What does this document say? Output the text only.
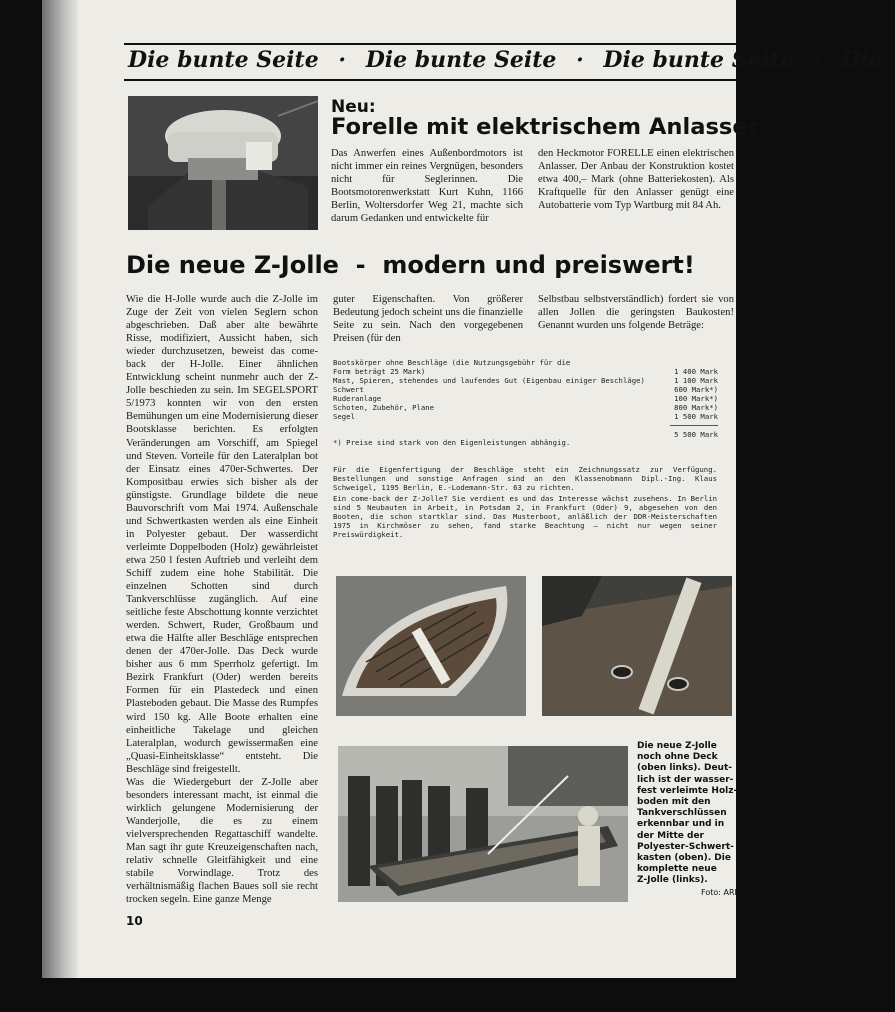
Die bunte Seite · Die bunte Seite · Die bunte Seite · Die
Neu:
Forelle mit elektrischem Anlasser

Das Anwerfen eines Außenbordmotors ist nicht immer ein reines Vergnügen, besonders nicht für Seglerinnen. Die Bootsmotorenwerkstatt Kurt Kuhn, 1166 Berlin, Woltersdorfer Weg 21, machte sich darum Gedanken und entwickelte für

den Heckmotor FORELLE einen elektrischen Anlasser. Der Anbau der Konstruktion kostet etwa 400,– Mark (ohne Batteriekosten). Als Kraftquelle für den Anlasser genügt eine Autobatterie vom Typ Wartburg mit 84 Ah.

Die neue Z-Jolle  -  modern und preiswert!

Wie die H-Jolle wurde auch die Z-Jolle im Zuge der Zeit von vielen Seglern schon abgeschrieben. Daß aber alte bewährte Risse, modifiziert, Aussicht haben, sich wieder durchzusetzen, beweist das come-back der H-Jolle. Einer ähnlichen Entwicklung scheint nunmehr auch der Z-Jolle beschieden zu sein. Im SEGELSPORT 5/1973 konnten wir von den ersten Bemühungen um eine Modernisierung dieser Bootsklasse berichten. Es erfolgten Veränderungen am Vorschiff, am Spiegel und Steven. Vorteile für den Lateralplan bot der Einsatz eines 470er-Schwertes. Der Kompositbau erwies sich bisher als der günstigste. Grundlage bildete die neue Bauvorschrift vom Mai 1974. Außenschale und Schwertkasten werden als eine Einheit in Polyester gebaut. Der wasserdicht verleimte Doppelboden (Holz) gewährleistet etwa 250 l festen Auftrieb und verleiht dem Schiff zudem eine hohe Stabilität. Die einzelnen Schotten sind durch Tankverschlüsse zugänglich. Auf eine seitliche feste Abschottung konnte verzichtet werden. Schwert, Ruder, Großbaum und etwa die Hälfte aller Beschläge entsprechen denen der 470er-Jolle. Das Deck wurde bisher aus 6 mm Sperrholz gefertigt. Im Bezirk Frankfurt (Oder) werden bereits Formen für ein Plastedeck und einen Plasteboden gebaut. Die Masse des Rumpfes wird 150 kg. Alle Boote erhalten eine einheitliche Takelage und gleichen Lateralplan, wodurch gewissermaßen eine „Quasi-Einheitsklasse“ entsteht. Die Beschläge sind freigestellt.

Was die Wiedergeburt der Z-Jolle aber besonders interessant macht, ist einmal die wirklich gelungene Modernisierung der Wanderjolle, die es zu einem vielversprechenden Regattaschiff wandelte. Man sagt ihr gute Kreuzeigenschaften nach, relativ schnelle Gleitfähigkeit und eine stabile Vorwindlage. Trotz des verhältnismäßig flachen Baues soll sie recht trocken segeln. Eine ganze Menge

guter Eigenschaften. Von größerer Bedeutung jedoch scheint uns die finanzielle Seite zu sein. Nach den vorgegebenen Preisen (für den

Selbstbau selbstverständlich) fordert sie von allen Jollen die geringsten Baukosten! Genannt wurden uns folgende Beträge:

Bootskörper ohne Beschläge (die Nutzungsgebühr für die
Form beträgt 25 Mark)	1 400 Mark
Mast, Spieren, stehendes und laufendes Gut (Eigenbau einiger Beschläge)	1 100 Mark
Schwert	600 Mark*)
Ruderanlage	100 Mark*)
Schoten, Zubehör, Plane	800 Mark*)
Segel	1 500 Mark
5 500 Mark
*) Preise sind stark von den Eigenleistungen abhängig.

Für die Eigenfertigung der Beschläge steht ein Zeichnungssatz zur Verfügung. Bestellungen und sonstige Anfragen sind an den Klassenobmann Dipl.-Ing. Klaus Schweigel, 1195 Berlin, E.-Lodemann-Str. 63 zu richten.

Ein come-back der Z-Jolle? Sie verdient es und das Interesse wächst zusehens. In Berlin sind 5 Neubauten in Arbeit, in Potsdam 2, in Frankfurt (Oder) 9, abgesehen von den Booten, die schon startklar sind. Das Musterboot, anläßlich der DDR-Meisterschaften 1975 in Kirchmöser zu sehen, fand starke Beachtung – nicht nur wegen seiner Preiswürdigkeit.

Die neue Z-Jolle
noch ohne Deck
(oben links). Deut-
lich ist der wasser-
fest verleimte Holz-
boden mit den
Tankverschlüssen
erkennbar und in
der Mitte der
Polyester-Schwert-
kasten (oben). Die
komplette neue
Z-Jolle (links).
Foto: ARF (3)
10
